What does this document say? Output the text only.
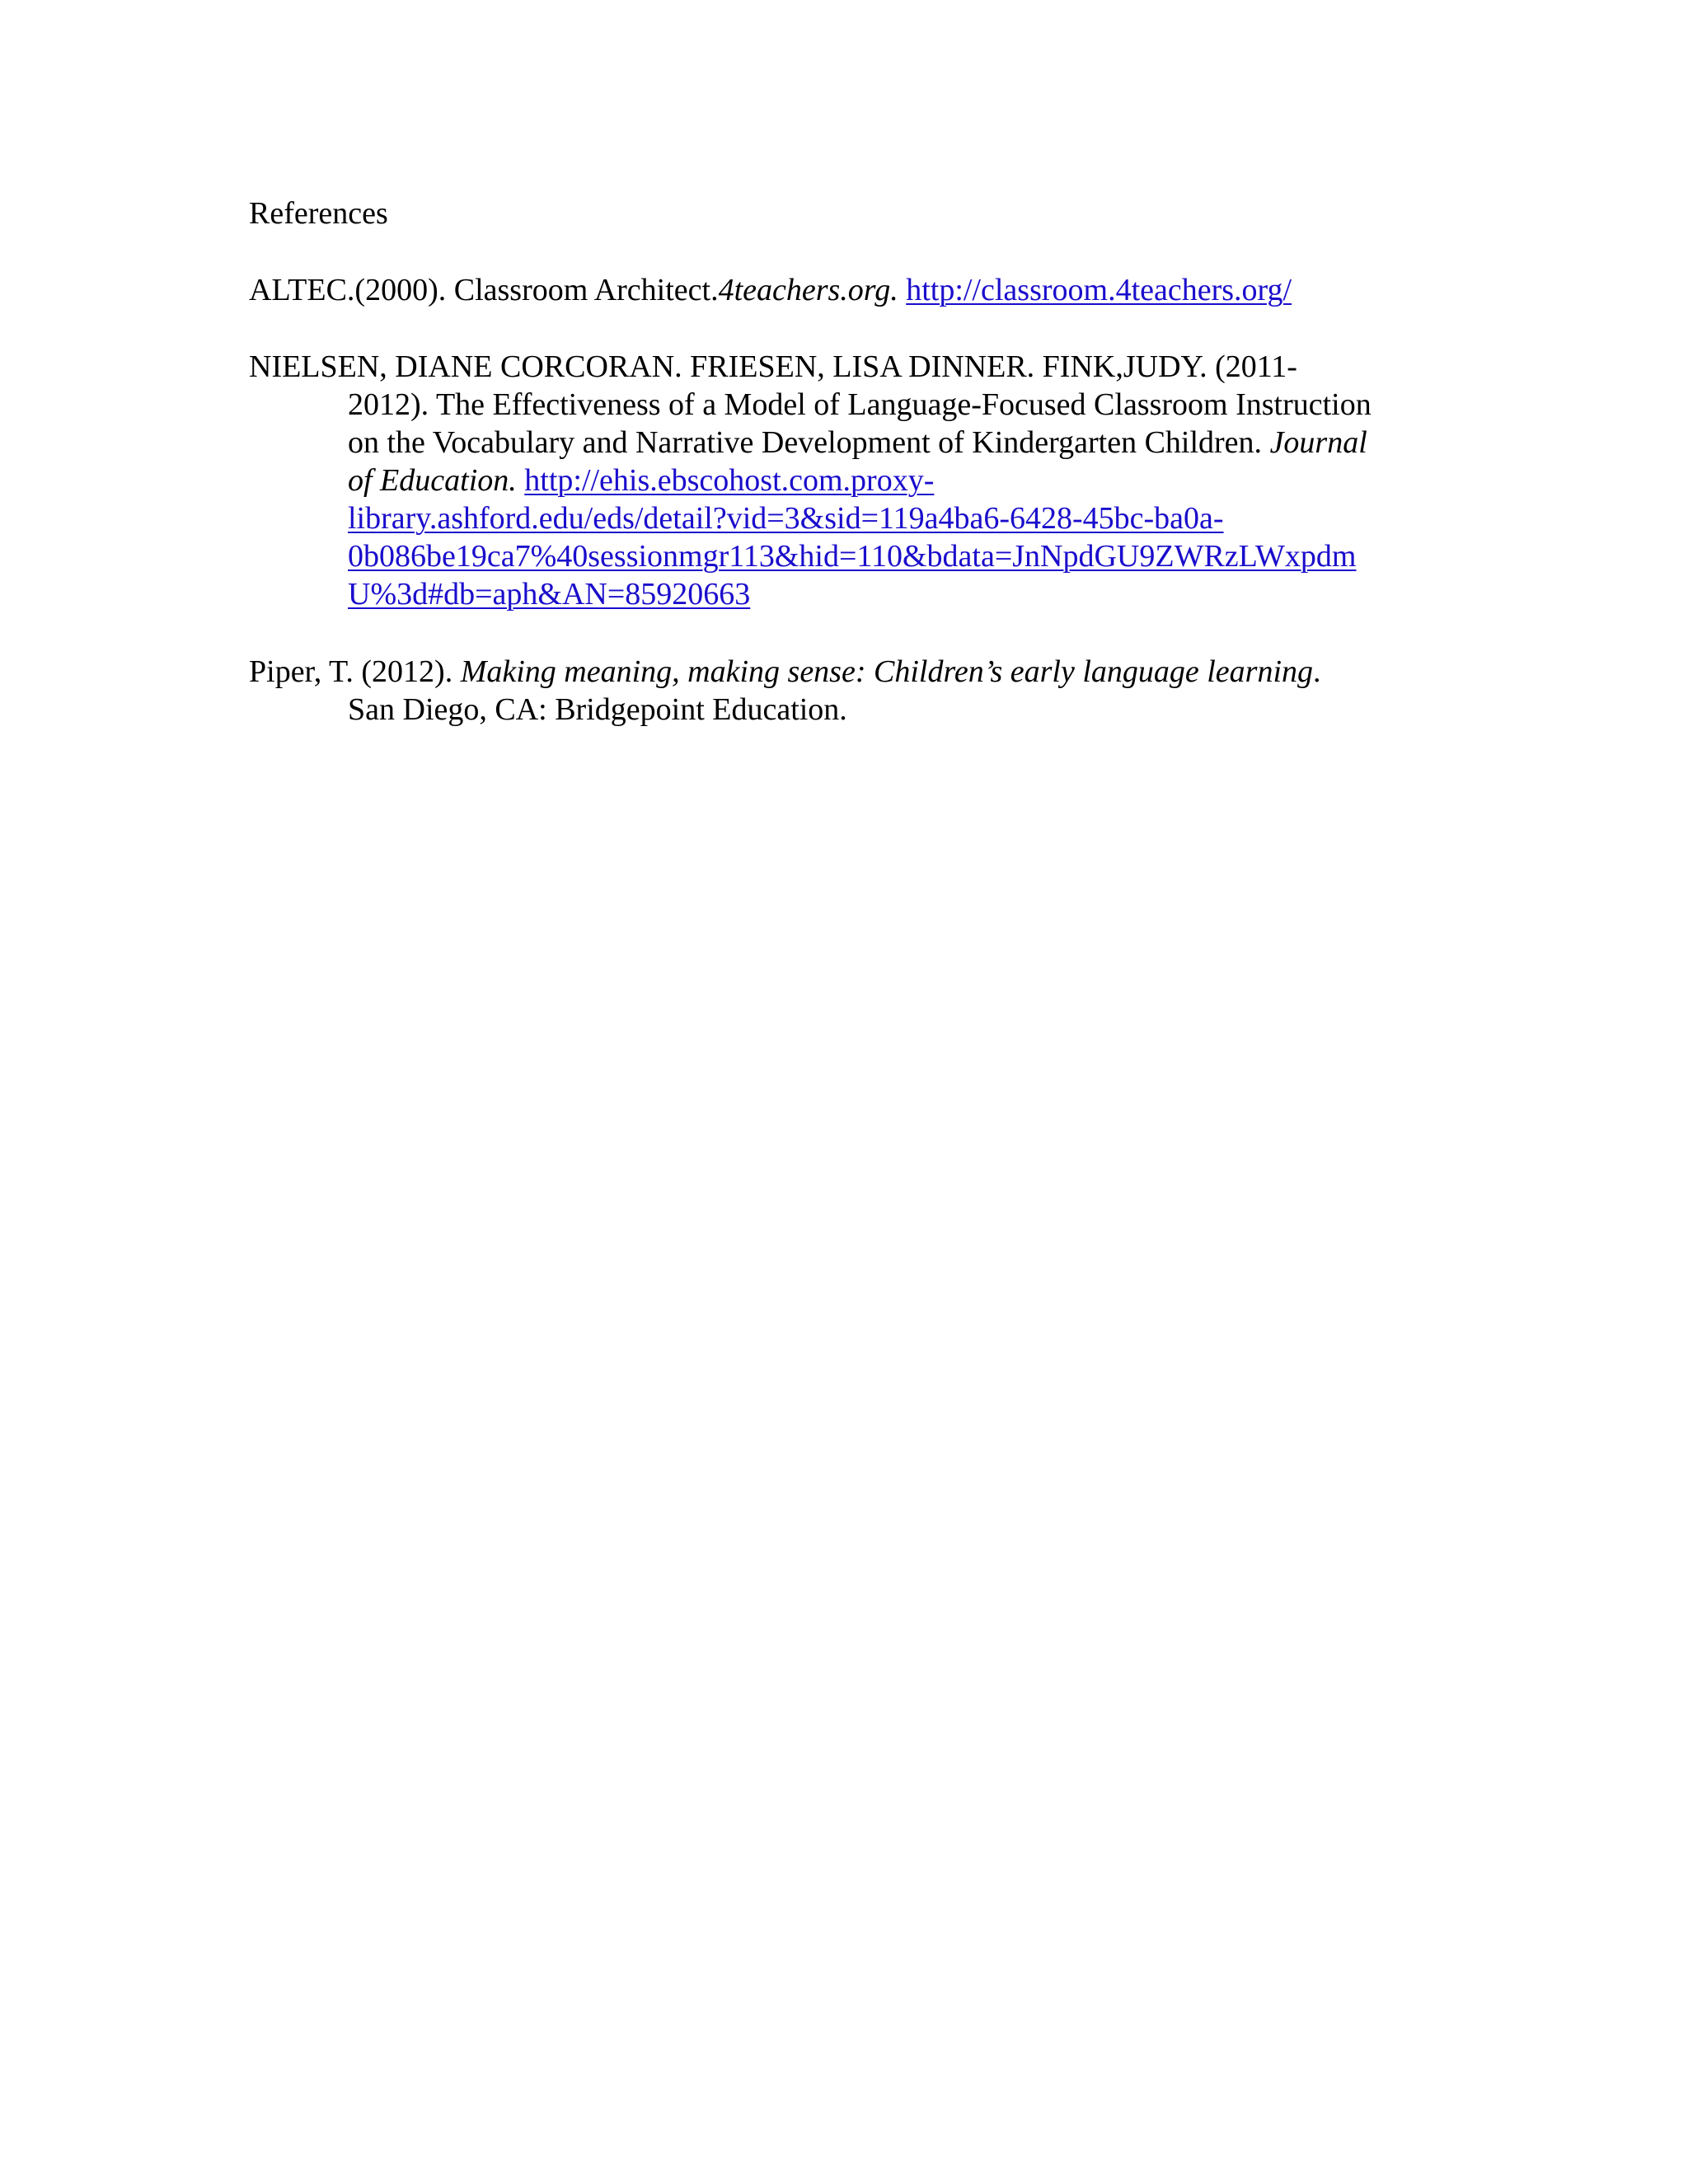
References
ALTEC.(2000). Classroom Architect.4teachers.org. http://classroom.4teachers.org/
NIELSEN, DIANE CORCORAN. FRIESEN, LISA DINNER. FINK,JUDY. (2011-
2012). The Effectiveness of a Model of Language-Focused Classroom Instruction
on the Vocabulary and Narrative Development of Kindergarten Children. Journal
of Education. http://ehis.ebscohost.com.proxy-
library.ashford.edu/eds/detail?vid=3&sid=119a4ba6-6428-45bc-ba0a-
0b086be19ca7%40sessionmgr113&hid=110&bdata=JnNpdGU9ZWRzLWxpdm
U%3d#db=aph&AN=85920663
Piper, T. (2012). Making meaning, making sense: Children’s early language learning.
San Diego, CA: Bridgepoint Education.
